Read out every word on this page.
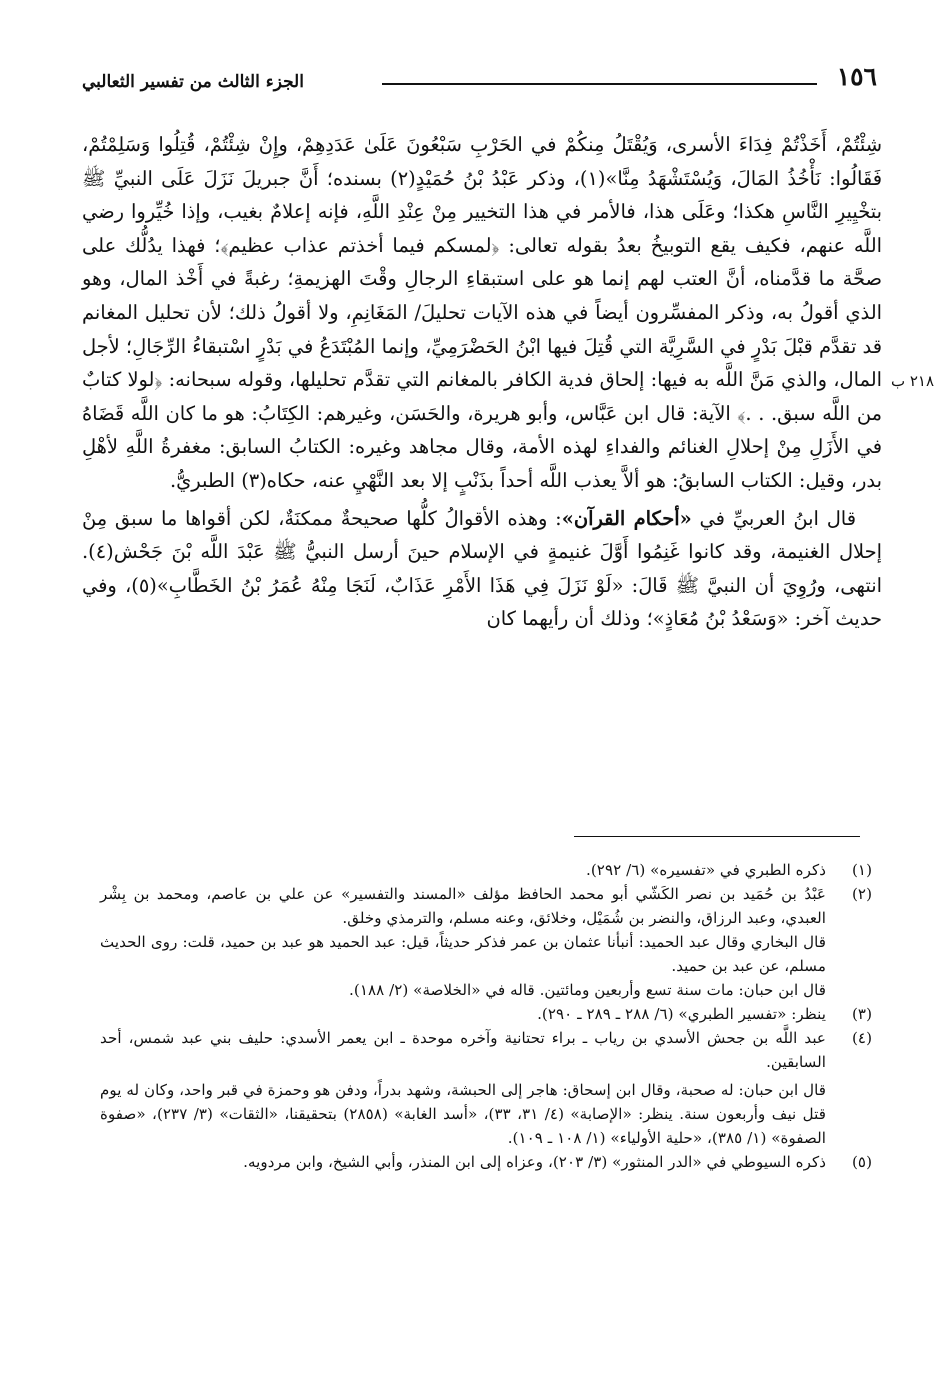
١٥٦
الجزء الثالث من تفسير الثعالبي
٢١٨ ب

شِئْتُمْ، أَخَذْتُمْ فِدَاءَ الأسرى، وَيُقْتَلُ مِنكُمْ في الحَرْبِ سَبْعُونَ عَلَىٰ عَدَدِهِمْ، وإِنْ شِئْتُمْ، قُتِلُوا وَسَلِمْتُمْ، فَقَالُوا: نَأْخُذُ المَالَ، وَيُسْتَشْهَدُ مِنَّا»(١)، وذكر عَبْدُ بْنُ حُمَيْدٍ(٢) بسنده؛ أَنَّ جبريلَ نَزَلَ عَلَى النبيِّ ﷺ بتخْيِيرِ النَّاسِ هكذا؛ وعَلَى هذا، فالأمر في هذا التخيير مِنْ عِنْدِ اللَّهِ، فإنه إعلامٌ بغيب، وإذا خُيِّروا رضي اللَّه عنهم، فكيف يقع التوبيخُ بعدُ بقوله تعالى: ﴿لمسكم فيما أخذتم عذاب عظيم﴾؛ فهذا يدُلُّك على صحَّة ما قدَّمناه، أنَّ العتب لهم إنما هو على استبقاءِ الرجالِ وقْتَ الهزيمةِ؛ رغبةً في أَخْذ المال، وهو الذي أقولُ به، وذكر المفسِّرون أيضاً في هذه الآيات تحليلَ/ المَغَانِمِ، ولا أقولُ ذلك؛ لأن تحليل المغانم قد تقدَّم قبْلَ بَدْرٍ في السَّرِيَّة التي قُتِلَ فيها ابْنُ الحَضْرَمِيِّ، وإنما المُبْتَدَعُ في بَدْرٍ اسْتبقاءُ الرِّجَالِ؛ لأجل المال، والذي مَنَّ اللَّه به فيها: إلحاق فدية الكافر بالمغانم التي تقدَّم تحليلها، وقوله سبحانه: ﴿لولا كتابٌ من اللَّه سبق. . .﴾ الآية: قال ابن عَبَّاس، وأبو هريرة، والحَسَن، وغيرهم: الكِتَابُ: هو ما كان اللَّه قَضَاهُ في الأَزَلِ مِنْ إحلالِ الغنائم والفداءِ لهذه الأمة، وقال مجاهد وغيره: الكتابُ السابق: مغفرةُ اللَّهِ لأهْلِ بدر، وقيل: الكتاب السابقُ: هو ألاَّ يعذب اللَّه أحداً بذَنْبٍ إلا بعد النَّهْيِ عنه، حكاه(٣) الطبريُّ.

قال ابنُ العربيِّ في «أحكام القرآن»: وهذه الأقوالُ كلُّها صحيحةٌ ممكنَةٌ، لكن أقواها ما سبق مِنْ إحلال الغنيمة، وقد كانوا غَنِمُوا أَوَّلَ غنيمةٍ في الإسلام حينَ أرسل النبيُّ ﷺ عَبْدَ اللَّه بْنَ جَحْش(٤). انتهى، ورُوِيَ أن النبيَّ ﷺ قَالَ: «لَوْ نَزَلَ فِي هَذَا الأَمْرِ عَذَابٌ، لَنَجَا مِنْهُ عُمَرُ بْنُ الخَطَّابِ»(٥)، وفي حديث آخر: «وَسَعْدُ بْنُ مُعَاذٍ»؛ وذلك أن رأيهما كان

(١)
ذكره الطبري في «تفسيره» (٦/ ٢٩٢).

(٢)
عَبْدُ بن حُمَيد بن نصر الكَشّي أبو محمد الحافظ مؤلف «المسند والتفسير» عن علي بن عاصم، ومحمد بن بِشْر العبدي، وعبد الرزاق، والنضر بن شُمَيْل، وخلائق، وعنه مسلم، والترمذي وخلق.

قال البخاري وقال عبد الحميد: أنبأنا عثمان بن عمر فذكر حديثاً، قيل: عبد الحميد هو عبد بن حميد، قلت: روى الحديث مسلم، عن عبد بن حميد.

قال ابن حبان: مات سنة تسع وأربعين ومائتين. قاله في «الخلاصة» (٢/ ١٨٨).

(٣)
ينظر: «تفسير الطبري» (٦/ ٢٨٨ ـ ٢٨٩ ـ ٢٩٠).

(٤)
عبد اللَّه بن جحش الأسدي بن رياب ـ براء تحتانية وآخره موحدة ـ ابن يعمر الأسدي: حليف بني عبد شمس، أحد السابقين.

قال ابن حبان: له صحبة، وقال ابن إسحاق: هاجر إلى الحبشة، وشهد بدراً، ودفن هو وحمزة في قبر واحد، وكان له يوم قتل نيف وأربعون سنة. ينظر: «الإصابة» (٤/ ٣١، ٣٣)، «أسد الغابة» (٢٨٥٨) بتحقيقنا، «الثقات» (٣/ ٢٣٧)، «صفوة الصفوة» (١/ ٣٨٥)، «حلية الأولياء» (١/ ١٠٨ ـ ١٠٩).

(٥)
ذكره السيوطي في «الدر المنثور» (٣/ ٢٠٣)، وعزاه إلى ابن المنذر، وأبي الشيخ، وابن مردويه.
